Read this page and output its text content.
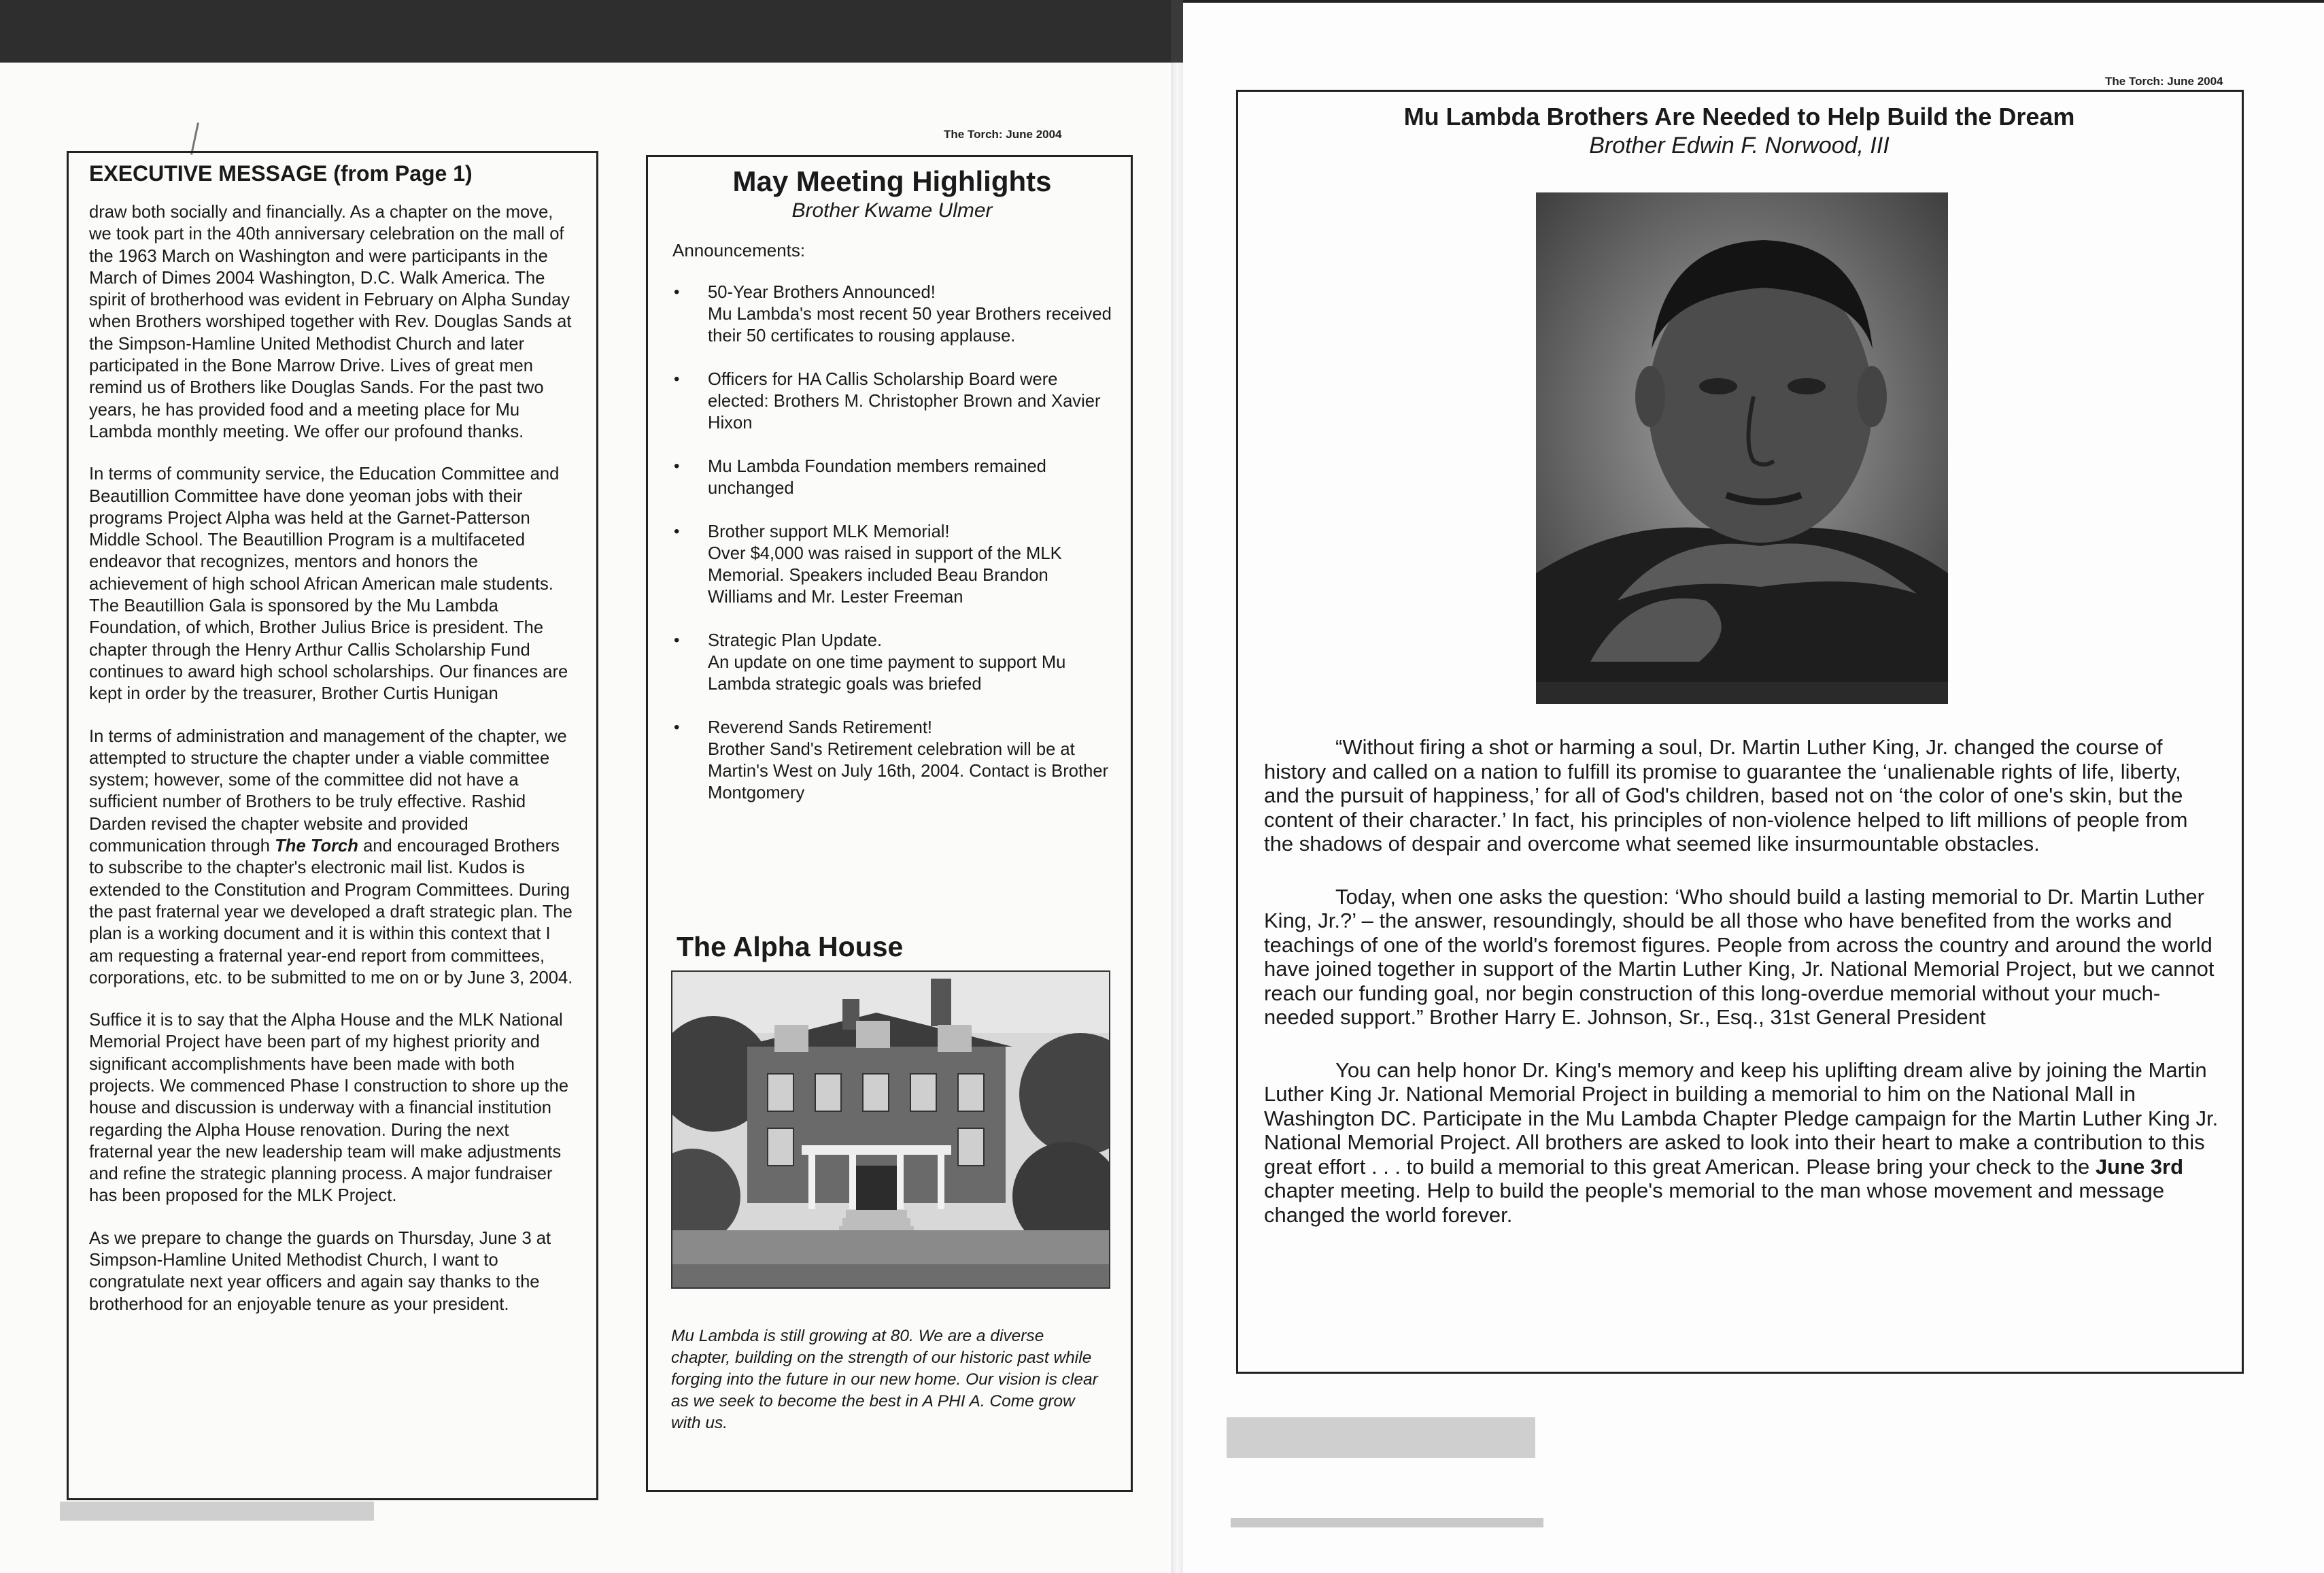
The Torch: June 2004
EXECUTIVE MESSAGE (from Page 1)

draw both socially and financially. As a chapter on the move, we took part in the 40th anniversary celebration on the mall of the 1963 March on Washington and were participants in the March of Dimes 2004 Washington, D.C. Walk America. The spirit of brotherhood was evident in February on Alpha Sunday when Brothers worshiped together with Rev. Douglas Sands at the Simpson-Hamline United Methodist Church and later participated in the Bone Marrow Drive. Lives of great men remind us of Brothers like Douglas Sands. For the past two years, he has provided food and a meeting place for Mu Lambda monthly meeting. We offer our profound thanks.

In terms of community service, the Education Committee and Beautillion Committee have done yeoman jobs with their programs Project Alpha was held at the Garnet-Patterson Middle School. The Beautillion Program is a multifaceted endeavor that recognizes, mentors and honors the achievement of high school African American male students. The Beautillion Gala is sponsored by the Mu Lambda Foundation, of which, Brother Julius Brice is president. The chapter through the Henry Arthur Callis Scholarship Fund continues to award high school scholarships. Our finances are kept in order by the treasurer, Brother Curtis Hunigan

In terms of administration and management of the chapter, we attempted to structure the chapter under a viable committee system; however, some of the committee did not have a sufficient number of Brothers to be truly effective. Rashid Darden revised the chapter website and provided communication through The Torch and encouraged Brothers to subscribe to the chapter's electronic mail list. Kudos is extended to the Constitution and Program Committees. During the past fraternal year we developed a draft strategic plan. The plan is a working document and it is within this context that I am requesting a fraternal year-end report from committees, corporations, etc. to be submitted to me on or by June 3, 2004.

Suffice it is to say that the Alpha House and the MLK National Memorial Project have been part of my highest priority and significant accomplishments have been made with both projects. We commenced Phase I construction to shore up the house and discussion is underway with a financial institution regarding the Alpha House renovation. During the next fraternal year the new leadership team will make adjustments and refine the strategic planning process. A major fundraiser has been proposed for the MLK Project.

As we prepare to change the guards on Thursday, June 3 at Simpson-Hamline United Methodist Church, I want to congratulate next year officers and again say thanks to the brotherhood for an enjoyable tenure as your president.

May Meeting Highlights
Brother Kwame Ulmer
Announcements:
• 50-Year Brothers Announced!
Mu Lambda's most recent 50 year Brothers received their 50 certificates to rousing applause.
• Officers for HA Callis Scholarship Board were elected: Brothers M. Christopher Brown and Xavier Hixon
• Mu Lambda Foundation members remained unchanged
• Brother support MLK Memorial!
Over $4,000 was raised in support of the MLK Memorial. Speakers included Beau Brandon Williams and Mr. Lester Freeman
• Strategic Plan Update.
An update on one time payment to support Mu Lambda strategic goals was briefed
• Reverend Sands Retirement!
Brother Sand's Retirement celebration will be at Martin's West on July 16th, 2004. Contact is Brother Montgomery
The Alpha House
Mu Lambda is still growing at 80. We are a diverse chapter, building on the strength of our historic past while forging into the future in our new home. Our vision is clear as we seek to become the best in A PHI A. Come grow with us.
The Torch: June 2004
Mu Lambda Brothers Are Needed to Help Build the Dream
Brother Edwin F. Norwood, III

“Without firing a shot or harming a soul, Dr. Martin Luther King, Jr. changed the course of history and called on a nation to fulfill its promise to guarantee the ‘unalienable rights of life, liberty, and the pursuit of happiness,’ for all of God's children, based not on ‘the color of one's skin, but the content of their character.’ In fact, his principles of non-violence helped to lift millions of people from the shadows of despair and overcome what seemed like insurmountable obstacles.

Today, when one asks the question: ‘Who should build a lasting memorial to Dr. Martin Luther King, Jr.?’ – the answer, resoundingly, should be all those who have benefited from the works and teachings of one of the world's foremost figures. People from across the country and around the world have joined together in support of the Martin Luther King, Jr. National Memorial Project, but we cannot reach our funding goal, nor begin construction of this long-overdue memorial without your much-needed support.” Brother Harry E. Johnson, Sr., Esq., 31st General President

You can help honor Dr. King's memory and keep his uplifting dream alive by joining the Martin Luther King Jr. National Memorial Project in building a memorial to him on the National Mall in Washington DC. Participate in the Mu Lambda Chapter Pledge campaign for the Martin Luther King Jr. National Memorial Project. All brothers are asked to look into their heart to make a contribution to this great effort . . . to build a memorial to this great American. Please bring your check to the June 3rd chapter meeting. Help to build the people's memorial to the man whose movement and message changed the world forever.
